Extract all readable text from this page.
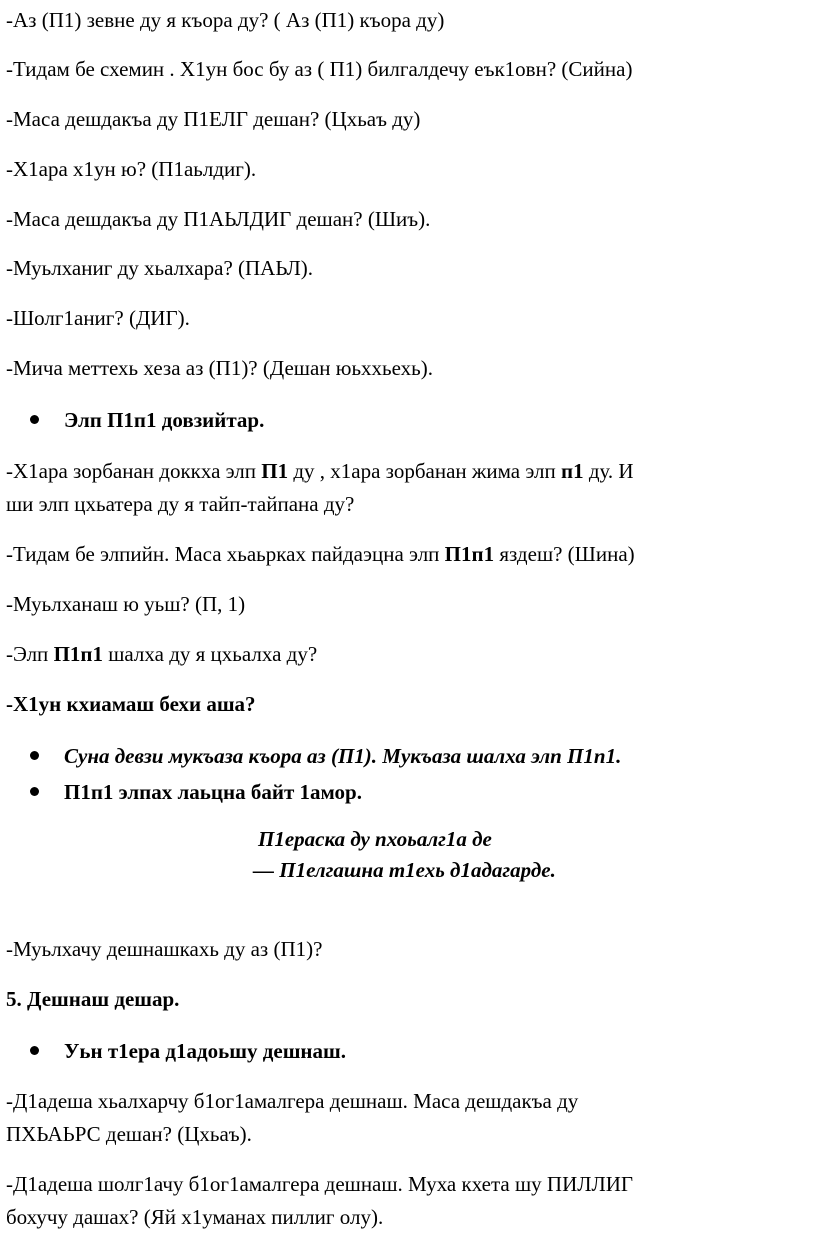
-Аз (П1) зевне ду я къора ду? ( Аз (П1) къора ду)
-Тидам бе схемин . Х1ун бос бу аз ( П1) билгалдечу еък1овн? (Сийна)
-Маса дешдакъа ду П1ЕЛГ дешан? (Цхьаъ ду)
-Х1ара х1ун ю? (П1аьлдиг).
-Маса дешдакъа ду П1АЬЛДИГ дешан? (Шиъ).
-Муьлханиг ду хьалхара? (ПАЬЛ).
-Шолг1аниг? (ДИГ).
-Мича меттехь хеза аз (П1)? (Дешан юьххьехь).
Элп П1п1 довзийтар.
-Х1ара зорбанан доккха элп П1 ду , х1ара зорбанан жима элп п1 ду. И
ши элп цхьатера ду я тайп-тайпана ду?
-Тидам бе элпийн. Маса хьаьрках пайдаэцна элп П1п1 яздеш? (Шина)
-Муьлханаш ю уьш? (П, 1)
-Элп П1п1 шалха ду я цхьалха ду?
-Х1ун кхиамаш бехи аша?
Суна девзи мукъаза къора аз (П1). Мукъаза шалха элп П1п1.
П1п1 элпах лаьцна байт 1амор.
П1ераска ду пхоьалг1а де
— П1елгашна т1ехь д1адагарде.
-Муьлхачу дешнашкахь ду аз (П1)?
5. Дешнаш дешар.
Уьн т1ера д1адоьшу дешнаш.
-Д1адеша хьалхарчу б1ог1амалгера дешнаш. Маса дешдакъа ду
ПХЬАЬРС дешан? (Цхьаъ).
-Д1адеша шолг1ачу б1ог1амалгера дешнаш. Муха кхета шу ПИЛЛИГ
бохучу дашах? (Яй х1уманах пиллиг олу).
